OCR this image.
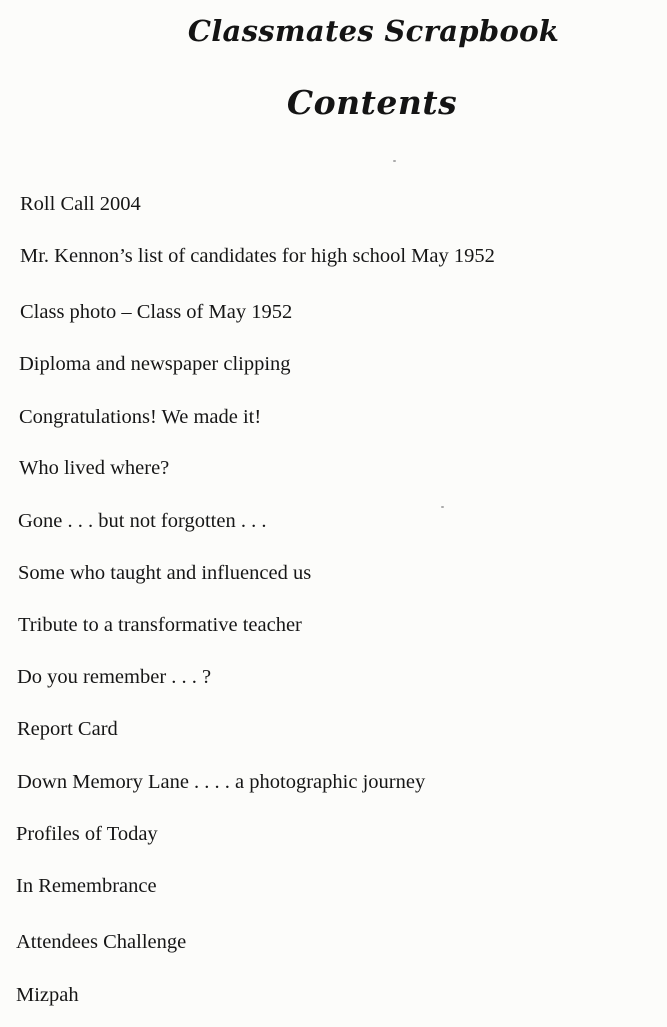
Classmates Scrapbook
Contents
Roll Call 2004
Mr. Kennon’s list of candidates for high school May 1952
Class photo – Class of May 1952
Diploma and newspaper clipping
Congratulations! We made it!
Who lived where?
Gone . . . but not forgotten . . .
Some who taught and influenced us
Tribute to a transformative teacher
Do you remember . . . ?
Report Card
Down Memory Lane . . . . a photographic journey
Profiles of Today
In Remembrance
Attendees Challenge
Mizpah
